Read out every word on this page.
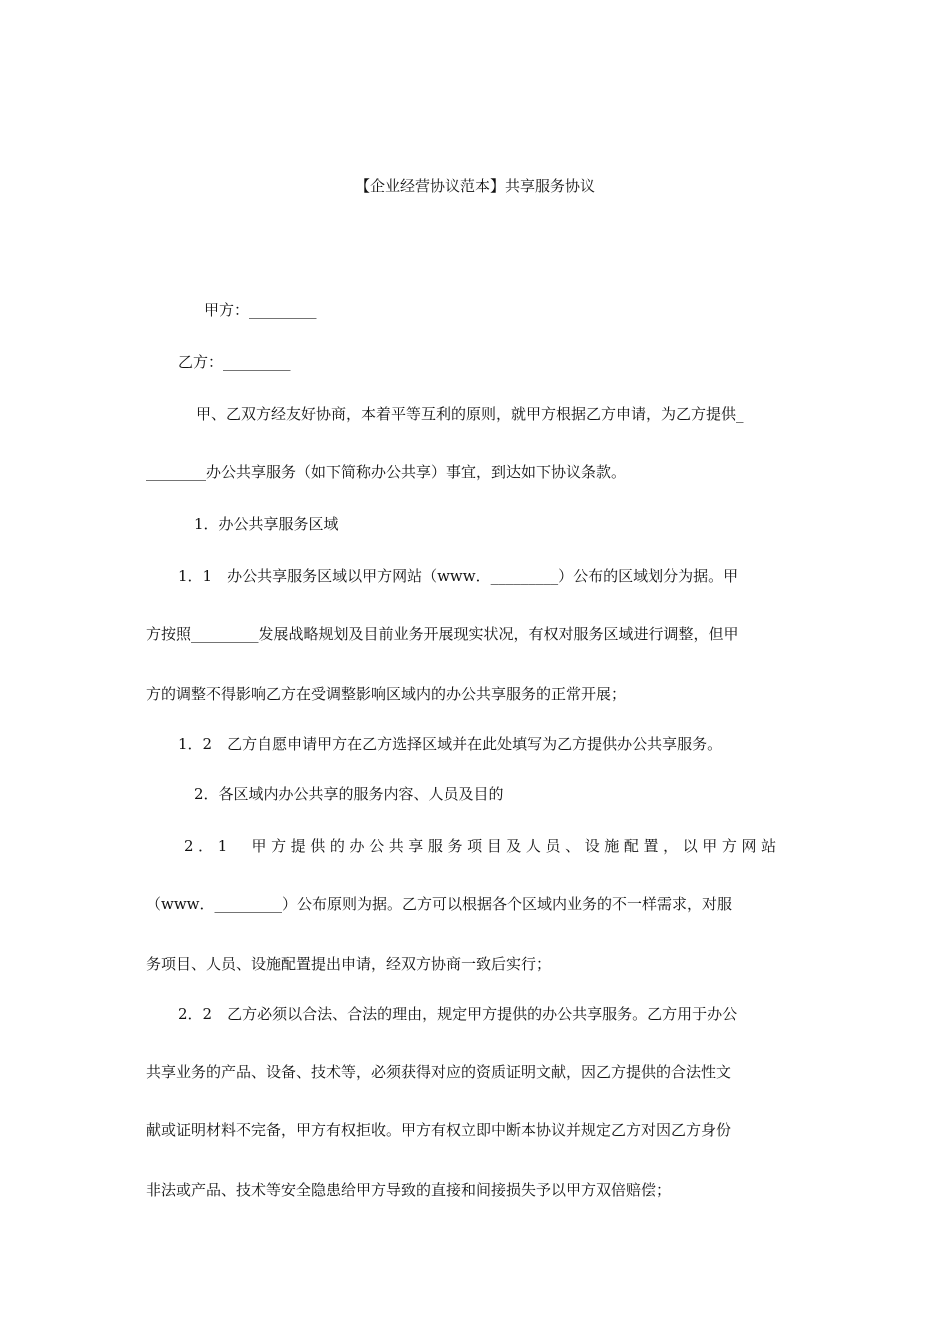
【企业经营协议范本】共享服务协议

甲方：_________

乙方：_________

甲、乙双方经友好协商，本着平等互利的原则，就甲方根据乙方申请，为乙方提供_

________办公共享服务（如下简称办公共享）事宜，到达如下协议条款。

1．办公共享服务区域

1．1　办公共享服务区域以甲方网站（www．_________）公布的区域划分为据。甲

方按照_________发展战略规划及目前业务开展现实状况，有权对服务区域进行调整，但甲

方的调整不得影响乙方在受调整影响区域内的办公共享服务的正常开展；

1．2　乙方自愿申请甲方在乙方选择区域并在此处填写为乙方提供办公共享服务。

2．各区域内办公共享的服务内容、人员及目的

2．1　甲方提供的办公共享服务项目及人员、设施配置，以甲方网站

（www．_________）公布原则为据。乙方可以根据各个区域内业务的不一样需求，对服

务项目、人员、设施配置提出申请，经双方协商一致后实行；

2．2　乙方必须以合法、合法的理由，规定甲方提供的办公共享服务。乙方用于办公

共享业务的产品、设备、技术等，必须获得对应的资质证明文献，因乙方提供的合法性文

献或证明材料不完备，甲方有权拒收。甲方有权立即中断本协议并规定乙方对因乙方身份

非法或产品、技术等安全隐患给甲方导致的直接和间接损失予以甲方双倍赔偿；
